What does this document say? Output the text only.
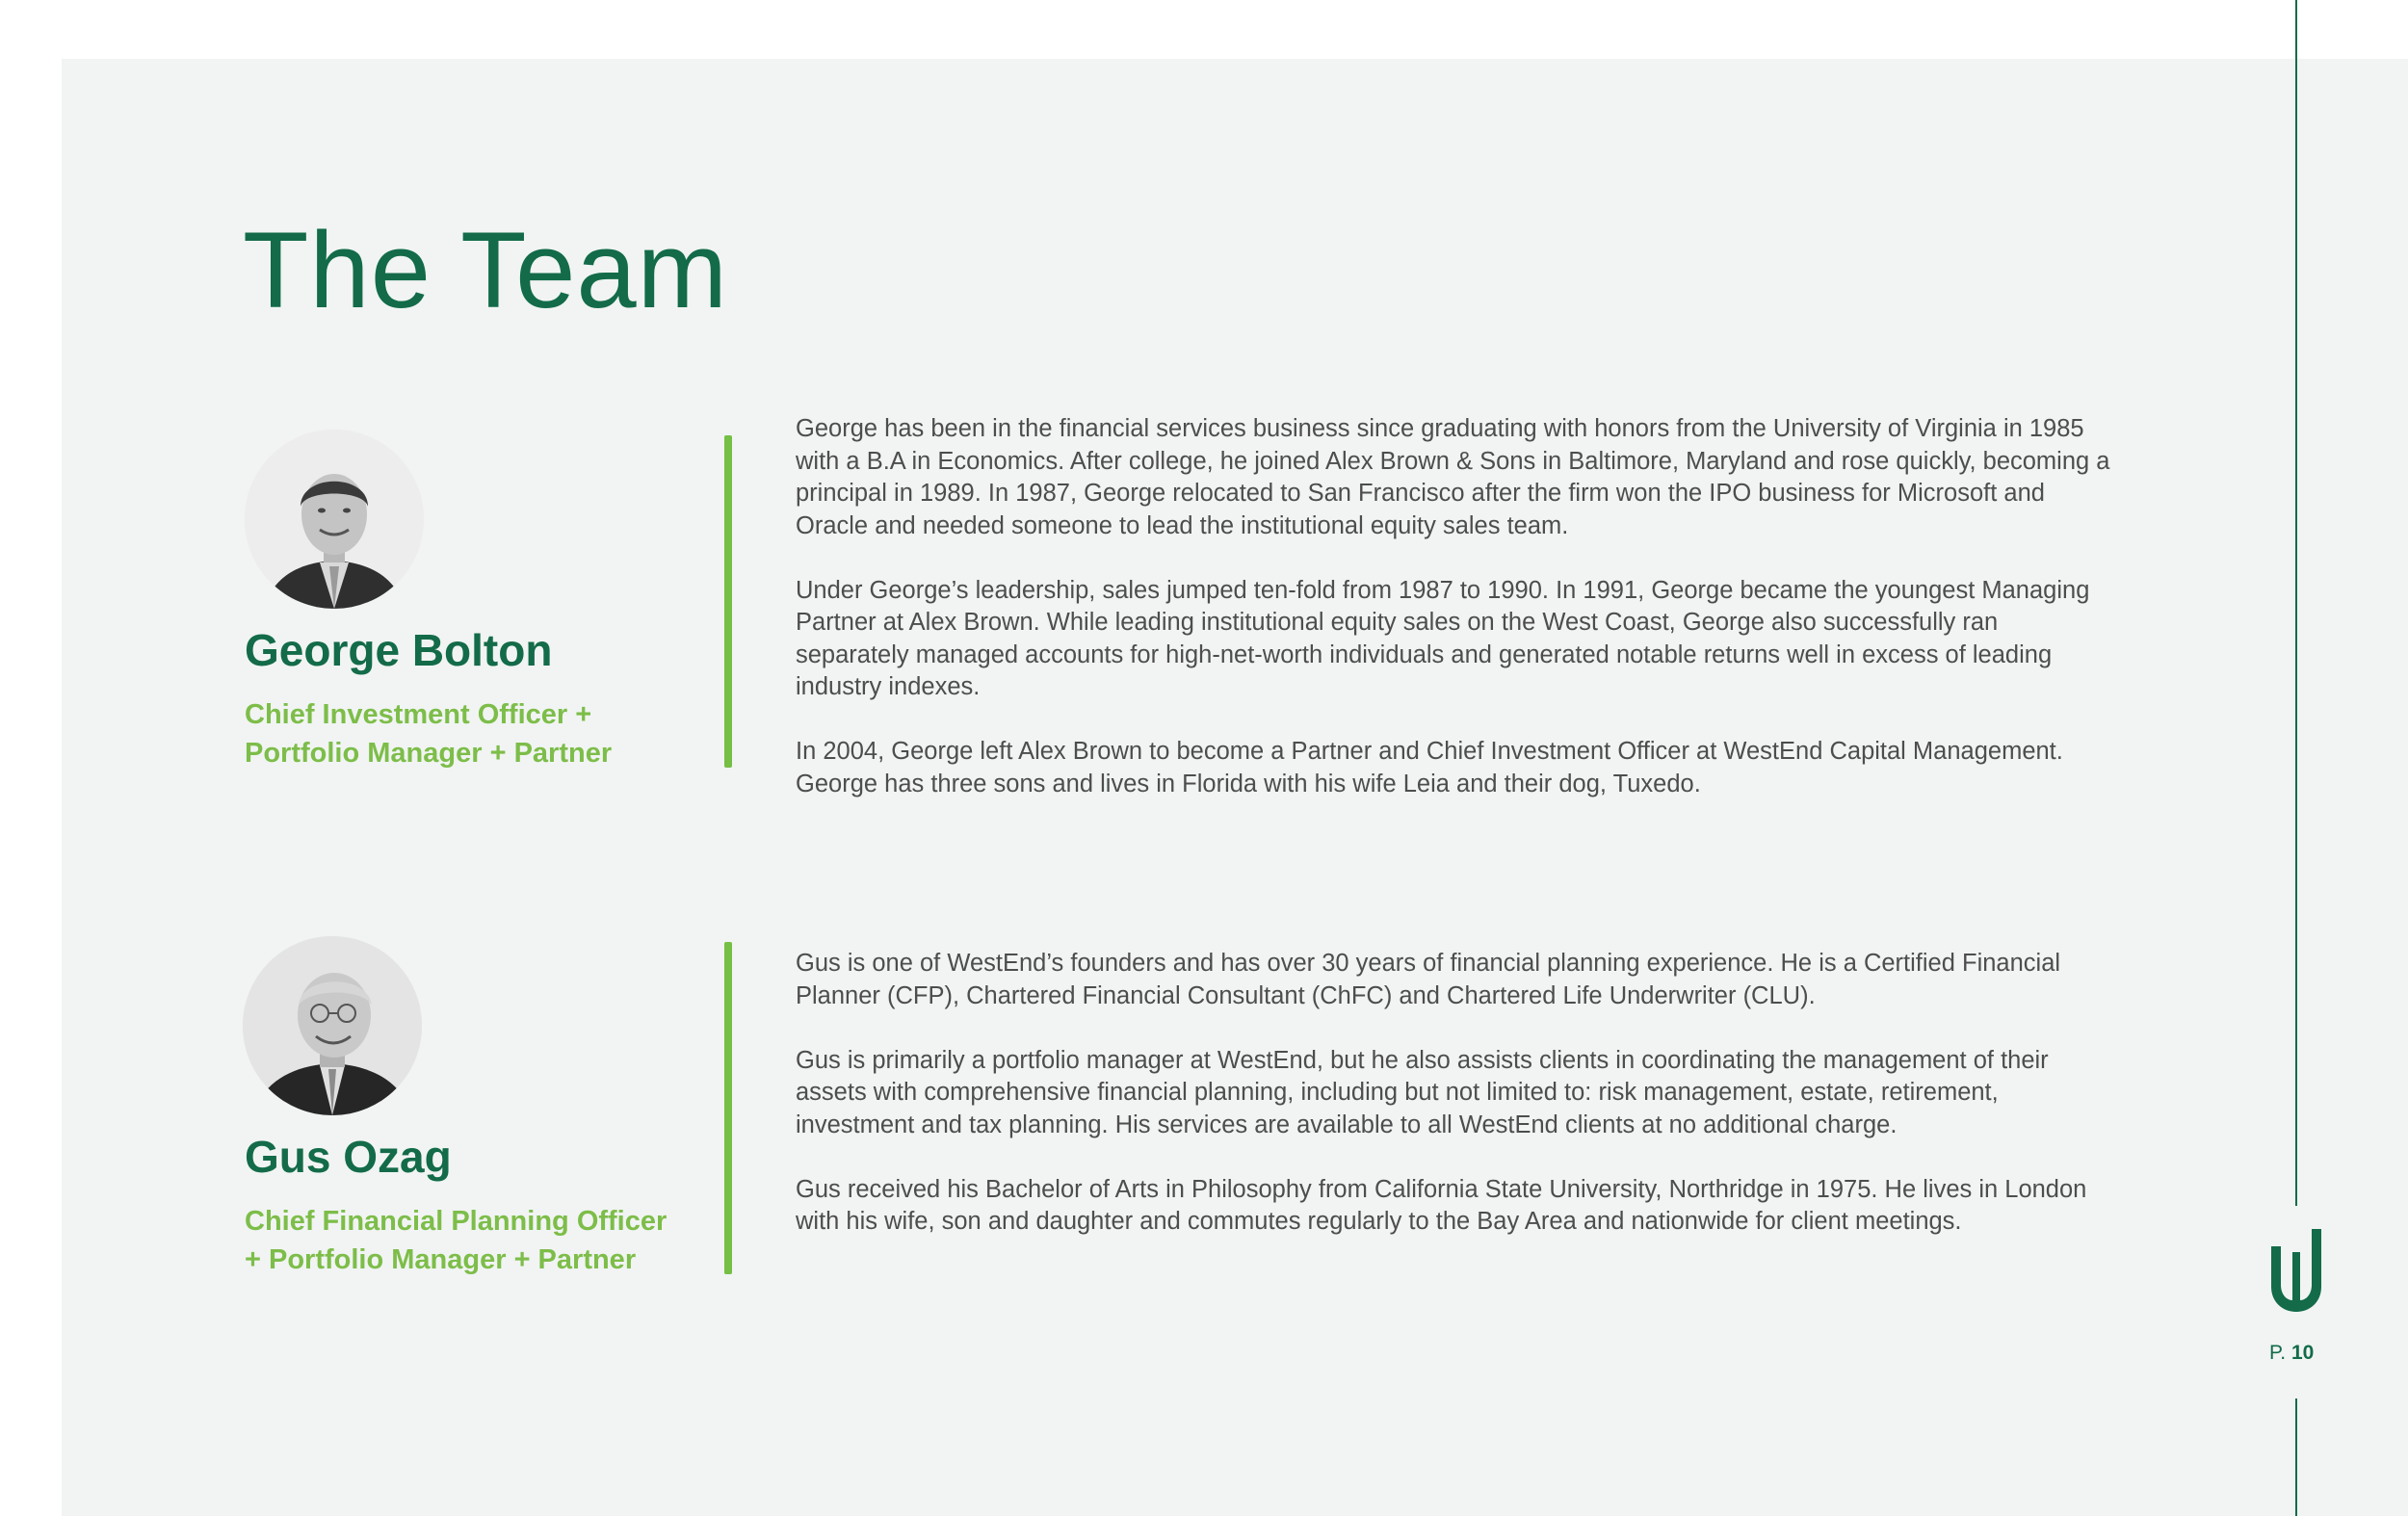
The Team
George Bolton
Chief Investment Officer +
Portfolio Manager + Partner

George has been in the financial services business since graduating with honors from the University of Virginia in 1985 with a B.A in Economics. After college, he joined Alex Brown & Sons in Baltimore, Maryland and rose quickly, becoming a principal in 1989. In 1987, George relocated to San Francisco after the firm won the IPO business for Microsoft and Oracle and needed someone to lead the institutional equity sales team.

Under George’s leadership, sales jumped ten-fold from 1987 to 1990. In 1991, George became the youngest Managing Partner at Alex Brown. While leading institutional equity sales on the West Coast, George also successfully ran separately managed accounts for high-net-worth individuals and generated notable returns well in excess of leading industry indexes.

In 2004, George left Alex Brown to become a Partner and Chief Investment Officer at WestEnd Capital Management. George has three sons and lives in Florida with his wife Leia and their dog, Tuxedo.

Gus Ozag
Chief Financial Planning Officer
+ Portfolio Manager + Partner

Gus is one of WestEnd’s founders and has over 30 years of financial planning experience. He is a Certified Financial Planner (CFP), Chartered Financial Consultant (ChFC) and Chartered Life Underwriter (CLU).

Gus is primarily a portfolio manager at WestEnd, but he also assists clients in coordinating the management of their assets with comprehensive financial planning, including but not limited to: risk management, estate, retirement, investment and tax planning. His services are available to all WestEnd clients at no additional charge.

Gus received his Bachelor of Arts in Philosophy from California State University, Northridge in 1975. He lives in London with his wife, son and daughter and commutes regularly to the Bay Area and nationwide for client meetings.

P. 10
